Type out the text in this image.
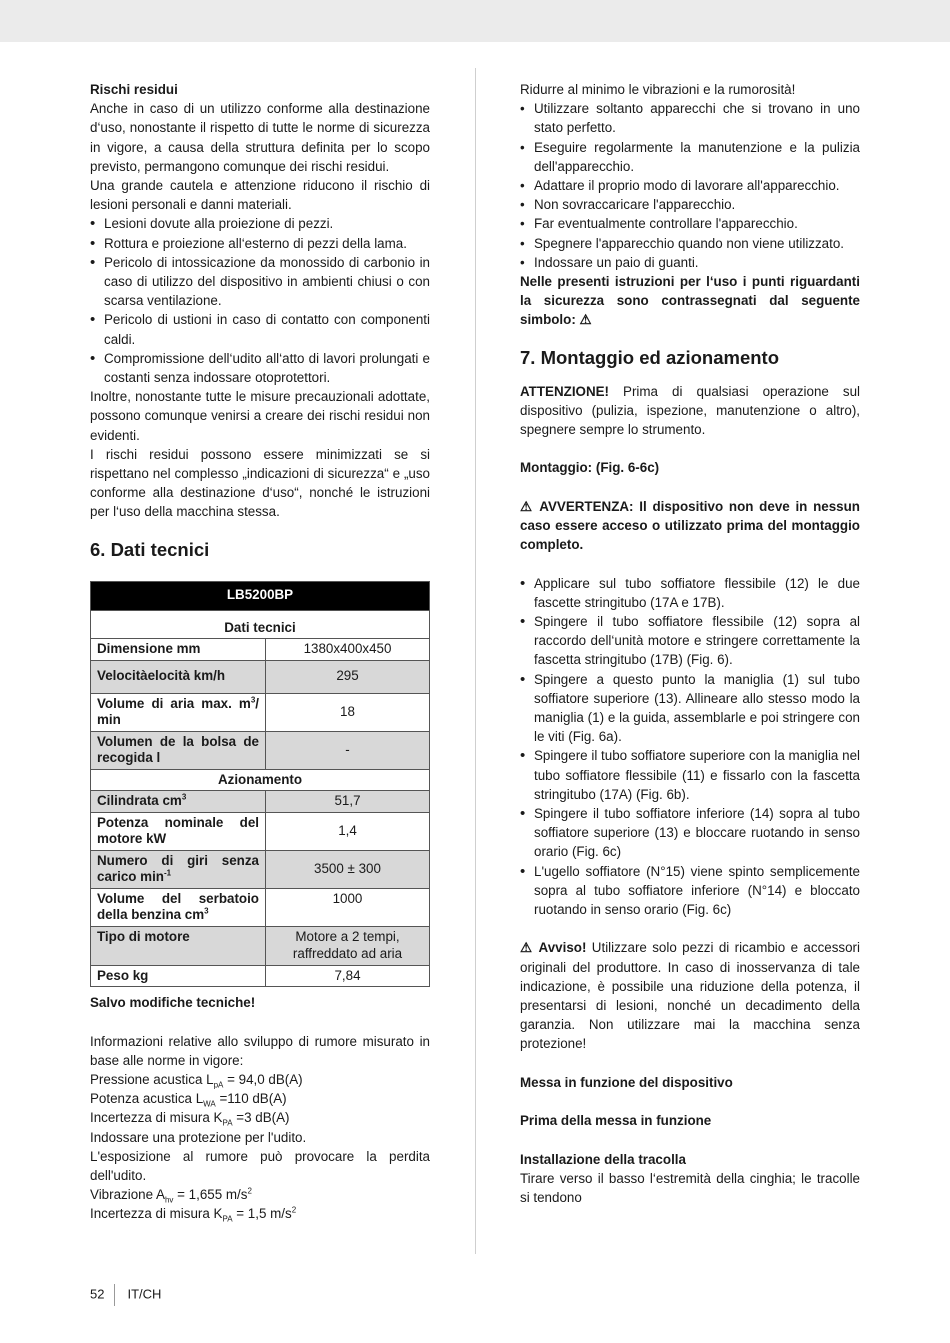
Rischi residui

Anche in caso di un utilizzo conforme alla destinazione d‘uso, nonostante il rispetto di tutte le norme di sicurezza in vigore, a causa della struttura definita per lo scopo previsto, permangono comunque dei rischi residui.

Una grande cautela e attenzione riducono il rischio di lesioni personali e danni materiali.

• Lesioni dovute alla proiezione di pezzi.
• Rottura e proiezione all‘esterno di pezzi della lama.
• Pericolo di intossicazione da monossido di carbonio in caso di utilizzo del dispositivo in ambienti chiusi o con scarsa ventilazione.
• Pericolo di ustioni in caso di contatto con componenti caldi.
• Compromissione dell‘udito all‘atto di lavori prolungati e costanti senza indossare otoprotettori.

Inoltre, nonostante tutte le misure precauzionali adottate, possono comunque venirsi a creare dei rischi residui non evidenti.

I rischi residui possono essere minimizzati se si rispettano nel complesso „indicazioni di sicurezza“ e „uso conforme alla destinazione d‘uso“, nonché le istruzioni per l‘uso della macchina stessa.

6. Dati tecnici
LB5200BP	
Dati tecnici	
Dimensione mm	1380x400x450
Velocitàelocità km/h	295
Volume di aria max. $m^3/$ min	18
Volumen de la bolsa de recogida l	-
Azionamento	
Cilindrata $cm^3$	51,7
Potenza nominale del motore kW	1,4
Numero di giri senza carico $\min^{-1}$	3500 ± 300
Volume del serbatoio della benzina $cm^3$	1000
Tipo di motore	Motore a 2 tempi, raffreddato ad aria
Peso kg	7,84

Salvo modifiche tecniche!

Informazioni relative allo sviluppo di rumore misurato in base alle norme in vigore:

Pressione acustica $L_{pA} = 94,0$ dB(A)

Potenza acustica $L_{WA} =110$ dB(A)

Incertezza di misura $K_{PA} =3$ dB(A)

Indossare una protezione per l'udito.

L'esposizione al rumore può provocare la perdita dell'udito.

Vibrazione $A_{hv} = 1,655$ $m/s^2$

Incertezza di misura $K_{PA} = 1,5$ $m/s^2$

Ridurre al minimo le vibrazioni e la rumorosità!

• Utilizzare soltanto apparecchi che si trovano in uno stato perfetto.
• Eseguire regolarmente la manutenzione e la pulizia dell'apparecchio.
• Adattare il proprio modo di lavorare all'apparecchio.
• Non sovraccaricare l'apparecchio.
• Far eventualmente controllare l'apparecchio.
• Spegnere l'apparecchio quando non viene utilizzato.
• Indossare un paio di guanti.

Nelle presenti istruzioni per l‘uso i punti riguardanti la sicurezza sono contrassegnati dal seguente simbolo: ⚠

7. Montaggio ed azionamento

ATTENZIONE! Prima di qualsiasi operazione sul dispositivo (pulizia, ispezione, manutenzione o altro), spegnere sempre lo strumento.

Montaggio: (Fig. 6-6c)

⚠ AVVERTENZA: Il dispositivo non deve in nessun caso essere acceso o utilizzato prima del montaggio completo.

• Applicare sul tubo soffiatore flessibile (12) le due fascette stringitubo (17A e 17B).
• Spingere il tubo soffiatore flessibile (12) sopra al raccordo dell‘unità motore e stringere correttamente la fascetta stringitubo (17B) (Fig. 6).
• Spingere a questo punto la maniglia (1) sul tubo soffiatore superiore (13). Allineare allo stesso modo la maniglia (1) e la guida, assemblarle e poi stringere con le viti (Fig. 6a).
• Spingere il tubo soffiatore superiore con la maniglia nel tubo soffiatore flessibile (11) e fissarlo con la fascetta stringitubo (17A) (Fig. 6b).
• Spingere il tubo soffiatore inferiore (14) sopra al tubo soffiatore superiore (13) e bloccare ruotando in senso orario (Fig. 6c)
• L'ugello soffiatore (N°15) viene spinto semplicemente sopra al tubo soffiatore inferiore (N°14) e bloccato ruotando in senso orario (Fig. 6c)

⚠ Avviso! Utilizzare solo pezzi di ricambio e accessori originali del produttore. In caso di inosservanza di tale indicazione, è possibile una riduzione della potenza, il presentarsi di lesioni, nonché un decadimento della garanzia. Non utilizzare mai la macchina senza protezione!

Messa in funzione del dispositivo

Prima della messa in funzione

Installazione della tracolla

Tirare verso il basso l‘estremità della cinghia; le tracolle si tendono

52 IT/CH
